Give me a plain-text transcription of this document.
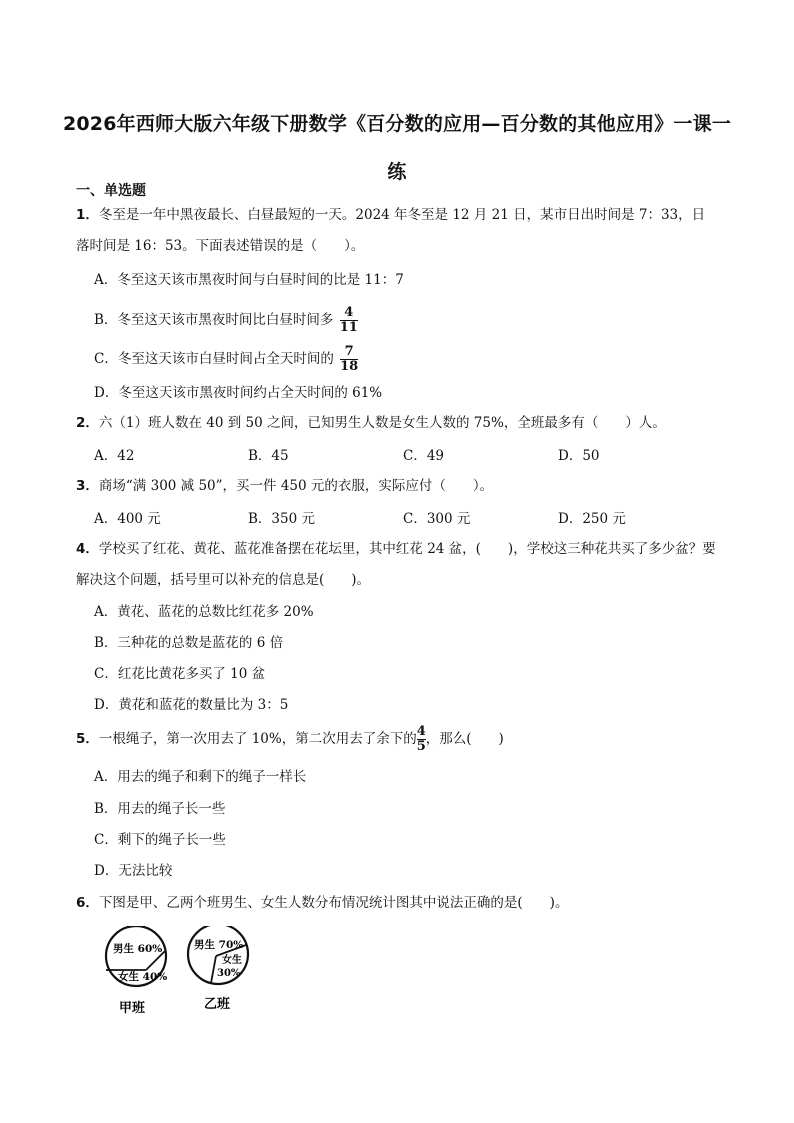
2026年西师大版六年级下册数学《百分数的应用—百分数的其他应用》一课一练
一、单选题
1．冬至是一年中黑夜最长、白昼最短的一天。2024 年冬至是 12 月 21 日，某市日出时间是 7：33，日落时间是 16：53。下面表述错误的是（　　）。
A．冬至这天该市黑夜时间与白昼时间的比是 11：7
B．冬至这天该市黑夜时间比白昼时间多 $\frac{4}{11}$
C．冬至这天该市白昼时间占全天时间的 $\frac{7}{18}$
D．冬至这天该市黑夜时间约占全天时间的 61%
2．六（1）班人数在 40 到 50 之间，已知男生人数是女生人数的 75%，全班最多有（　　）人。
A．42	B．45	C．49	D．50
3．商场“满 300 减 50”，买一件 450 元的衣服，实际应付（　　）。
A．400 元	B．350 元	C．300 元	D．250 元
4．学校买了红花、黄花、蓝花准备摆在花坛里，其中红花 24 盆，(　　)，学校这三种花共买了多少盆？要解决这个问题，括号里可以补充的信息是(　　)。
A．黄花、蓝花的总数比红花多 20%
B．三种花的总数是蓝花的 6 倍
C．红花比黄花多买了 10 盆
D．黄花和蓝花的数量比为 3：5
5．一根绳子，第一次用去了 10%，第二次用去了余下的 $\frac{4}{5}$ ，那么(　　)
A．用去的绳子和剩下的绳子一样长
B．用去的绳子长一些
C．剩下的绳子长一些
D．无法比较
6．下图是甲、乙两个班男生、女生人数分布情况统计图其中说法正确的是(　　)。
男生 60%
女生 40%
甲班
男生 70%
女生
30%
乙班
